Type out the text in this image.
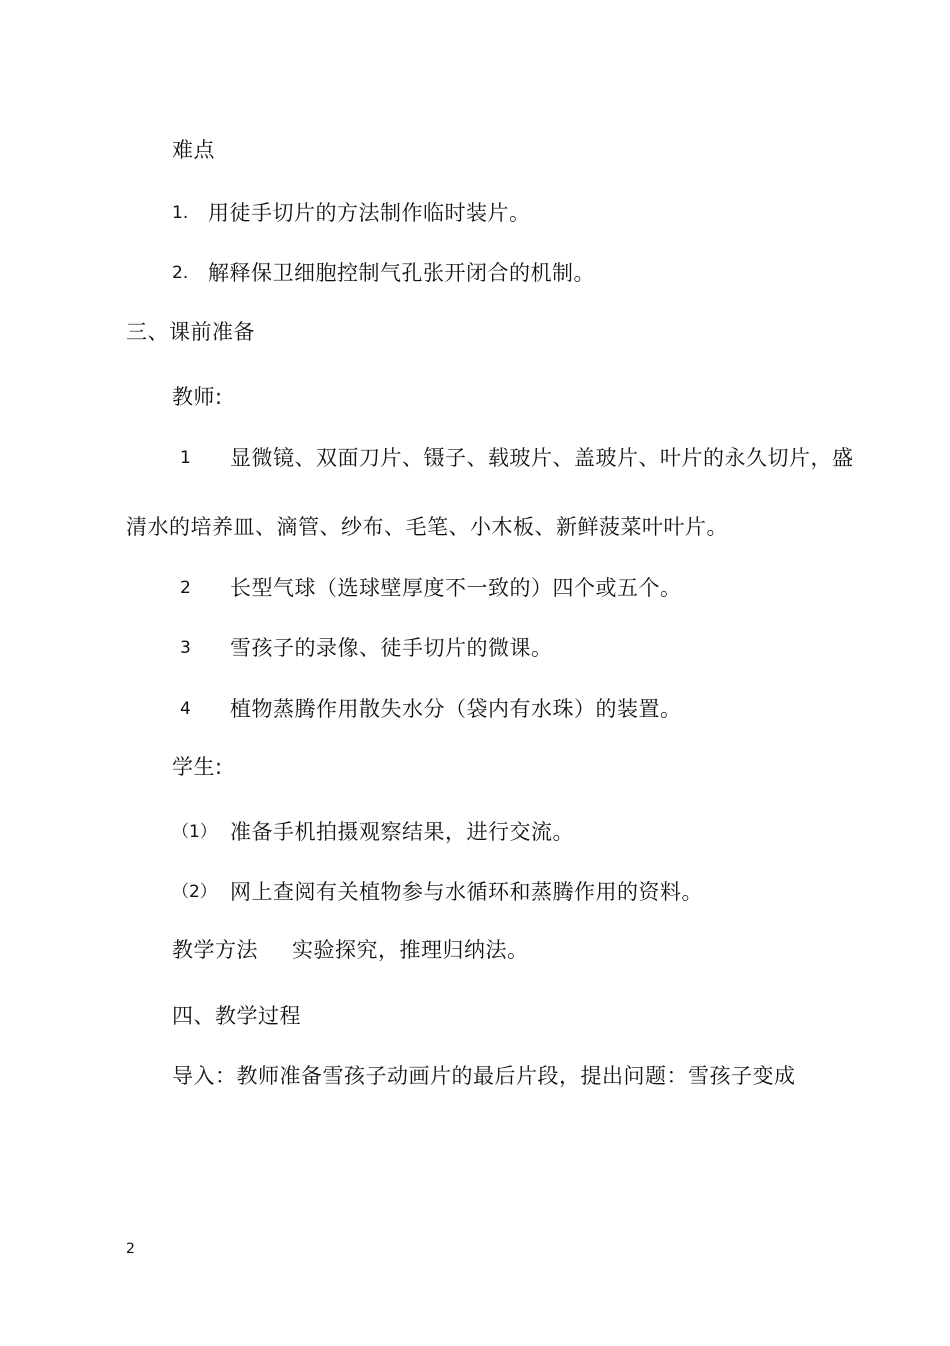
难点
1. 用徒手切片的方法制作临时装片。
2. 解释保卫细胞控制气孔张开闭合的机制。
三、课前准备
教师:
1 显微镜、双面刀片、镊子、载玻片、盖玻片、叶片的永久切片，盛
清水的培养皿、滴管、纱布、毛笔、小木板、新鲜菠菜叶叶片。
2 长型气球（选球壁厚度不一致的）四个或五个。
3 雪孩子的录像、徒手切片的微课。
4 植物蒸腾作用散失水分（袋内有水珠）的装置。
学生:
（1） 准备手机拍摄观察结果，进行交流。
（2） 网上查阅有关植物参与水循环和蒸腾作用的资料。
教学方法 实验探究，推理归纳法。
四、教学过程
导入：教师准备雪孩子动画片的最后片段，提出问题：雪孩子变成
2
